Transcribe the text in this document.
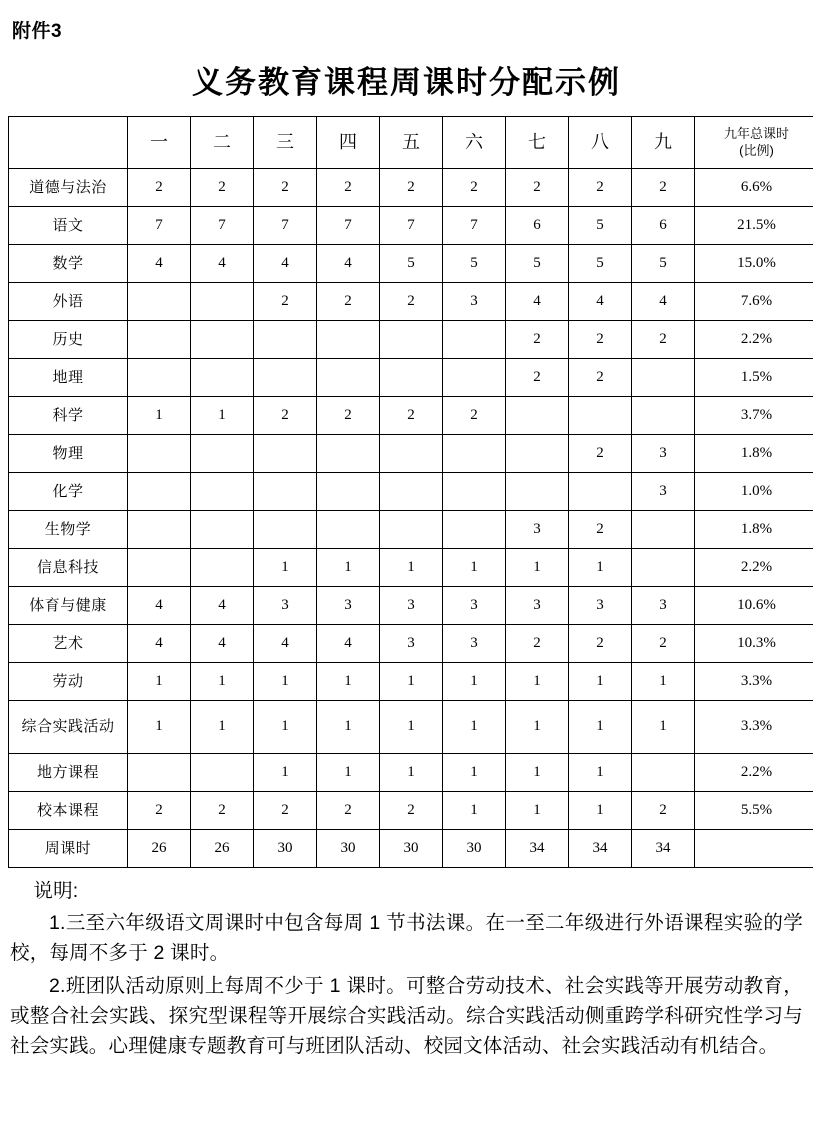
附件3
义务教育课程周课时分配示例
	一	二	三	四	五	六	七	八	九	九年总课时
(比例)

道德与法治	2	2	2	2	2	2	2	2	2	6.6%
语文	7	7	7	7	7	7	6	5	6	21.5%
数学	4	4	4	4	5	5	5	5	5	15.0%
外语			2	2	2	3	4	4	4	7.6%
历史							2	2	2	2.2%
地理							2	2		1.5%
科学	1	1	2	2	2	2				3.7%
物理								2	3	1.8%
化学									3	1.0%
生物学							3	2		1.8%
信息科技			1	1	1	1	1	1		2.2%
体育与健康	4	4	3	3	3	3	3	3	3	10.6%
艺术	4	4	4	4	3	3	2	2	2	10.3%
劳动	1	1	1	1	1	1	1	1	1	3.3%
综合实践活动	1	1	1	1	1	1	1	1	1	3.3%
地方课程			1	1	1	1	1	1		2.2%
校本课程	2	2	2	2	2	1	1	1	2	5.5%
周课时	26	26	30	30	30	30	34	34	34	

说明:

1.三至六年级语文周课时中包含每周 1 节书法课。在一至二年级进行外语课程实验的学校，每周不多于 2 课时。

2.班团队活动原则上每周不少于 1 课时。可整合劳动技术、社会实践等开展劳动教育，或整合社会实践、探究型课程等开展综合实践活动。综合实践活动侧重跨学科研究性学习与社会实践。心理健康专题教育可与班团队活动、校园文体活动、社会实践活动有机结合。
